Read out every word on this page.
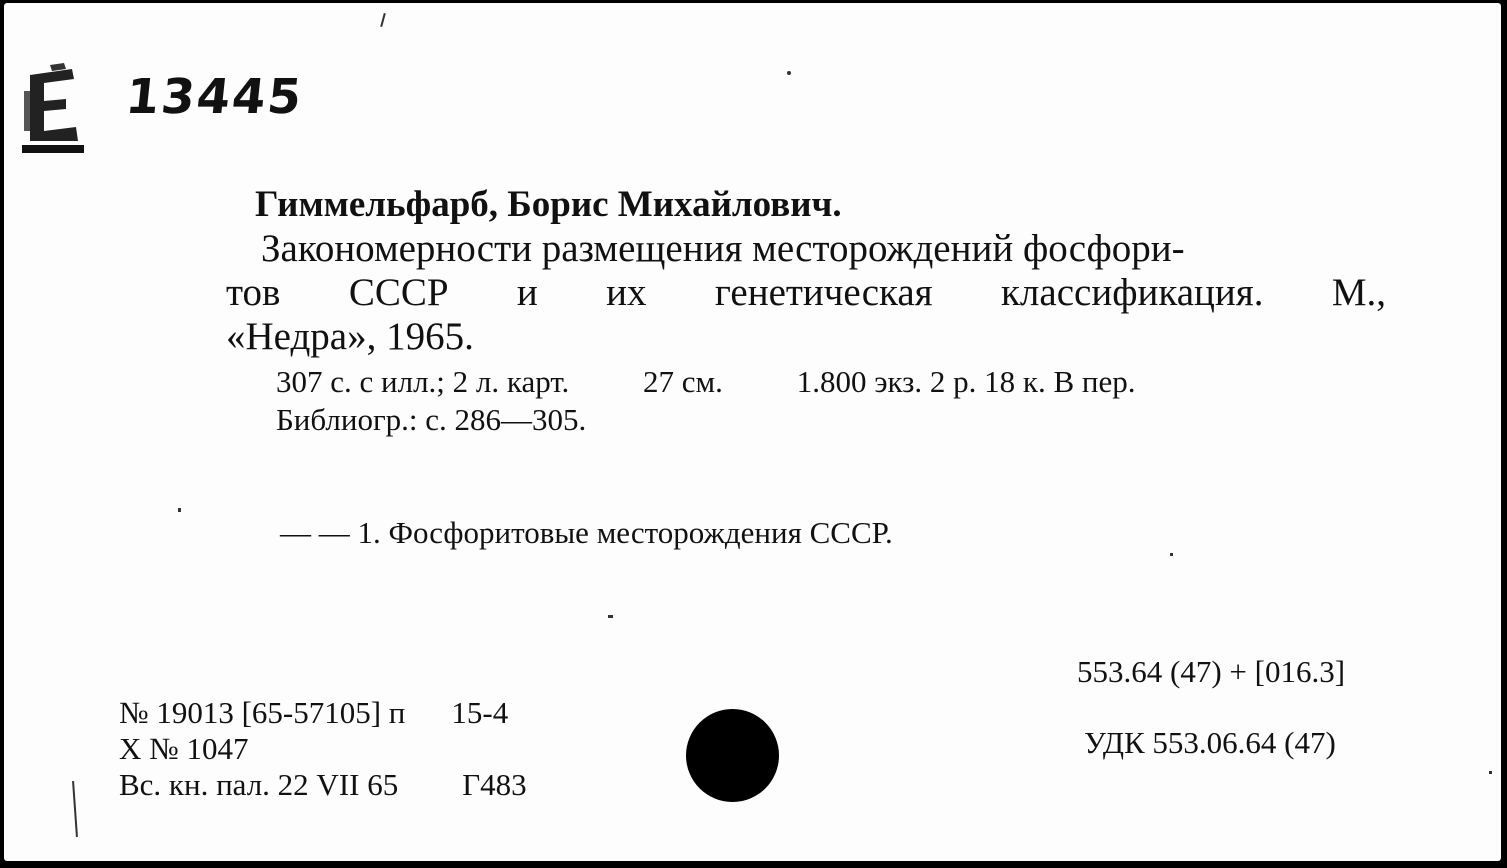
13445
Гиммельфарб, Борис Михайлович.
Закономерности размещения месторождений фосфори-
тов СССР и их генетическая классификация. М.,
«Недра», 1965.
307 с. с илл.; 2 л. карт. 27 см. 1.800 экз. 2 р. 18 к. В пер.
Библиогр.: с. 286—305.
— — 1. Фосфоритовые месторождения СССР.
553.64 (47) + [016.3]
УДК 553.06.64 (47)
№ 19013 [65-57105] п 15-4
X № 1047
Вс. кн. пал. 22 VII 65 Г483
